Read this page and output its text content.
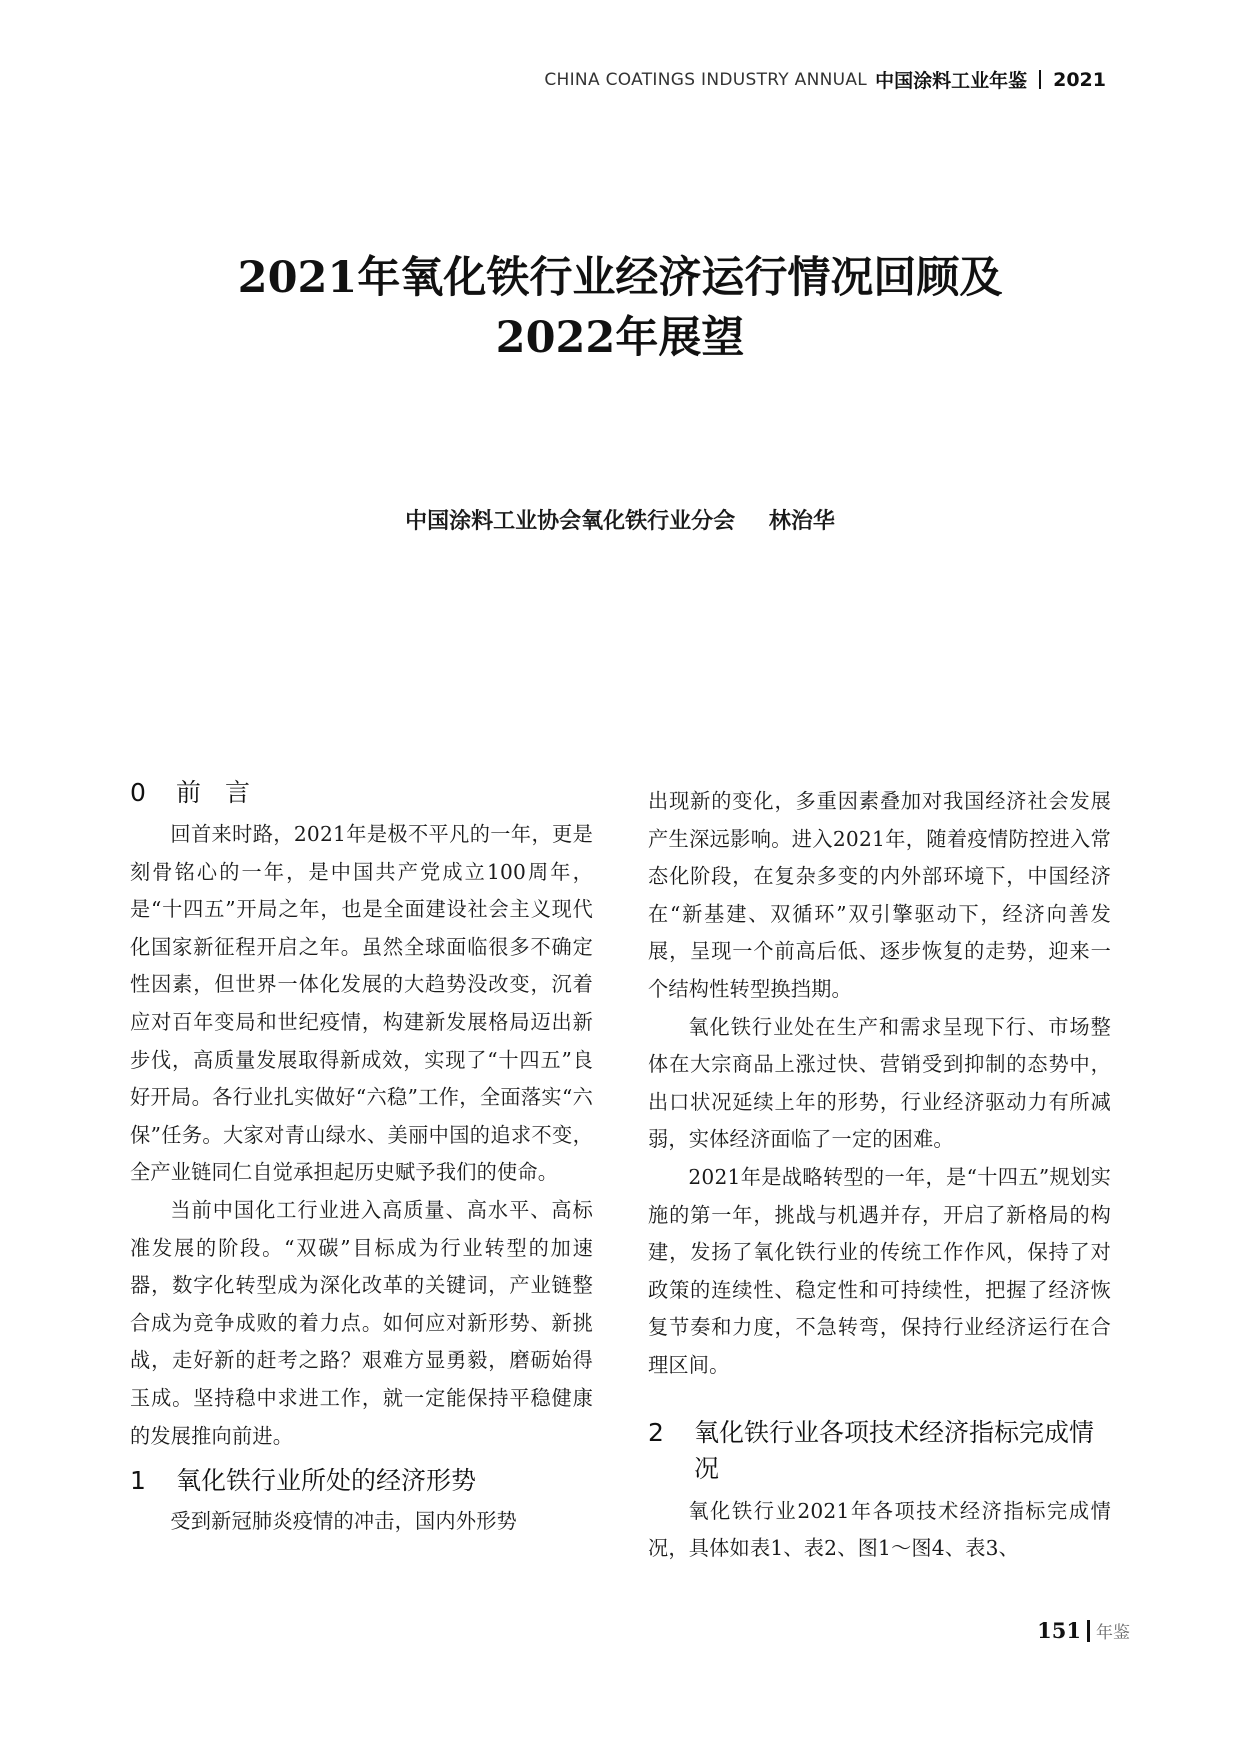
CHINA COATINGS INDUSTRY ANNUAL 中国涂料工业年鉴 2021
2021年氧化铁行业经济运行情况回顾及
2022年展望
中国涂料工业协会氧化铁行业分会 林治华
0	前言

回首来时路，2021年是极不平凡的一年，更是刻骨铭心的一年，是中国共产党成立100周年，是“十四五”开局之年，也是全面建设社会主义现代化国家新征程开启之年。虽然全球面临很多不确定性因素，但世界一体化发展的大趋势没改变，沉着应对百年变局和世纪疫情，构建新发展格局迈出新步伐，高质量发展取得新成效，实现了“十四五”良好开局。各行业扎实做好“六稳”工作，全面落实“六保”任务。大家对青山绿水、美丽中国的追求不变，全产业链同仁自觉承担起历史赋予我们的使命。

当前中国化工行业进入高质量、高水平、高标准发展的阶段。“双碳”目标成为行业转型的加速器，数字化转型成为深化改革的关键词，产业链整合成为竞争成败的着力点。如何应对新形势、新挑战，走好新的赶考之路？艰难方显勇毅，磨砺始得玉成。坚持稳中求进工作，就一定能保持平稳健康的发展推向前进。

1	氧化铁行业所处的经济形势

受到新冠肺炎疫情的冲击，国内外形势

出现新的变化，多重因素叠加对我国经济社会发展产生深远影响。进入2021年，随着疫情防控进入常态化阶段，在复杂多变的内外部环境下，中国经济在“新基建、双循环”双引擎驱动下，经济向善发展，呈现一个前高后低、逐步恢复的走势，迎来一个结构性转型换挡期。

氧化铁行业处在生产和需求呈现下行、市场整体在大宗商品上涨过快、营销受到抑制的态势中，出口状况延续上年的形势，行业经济驱动力有所减弱，实体经济面临了一定的困难。

2021年是战略转型的一年，是“十四五”规划实施的第一年，挑战与机遇并存，开启了新格局的构建，发扬了氧化铁行业的传统工作作风，保持了对政策的连续性、稳定性和可持续性，把握了经济恢复节奏和力度，不急转弯，保持行业经济运行在合理区间。

2	氧化铁行业各项技术经济指标完成情况

氧化铁行业2021年各项技术经济指标完成情况，具体如表1、表2、图1～图4、表3、

151 年鉴
